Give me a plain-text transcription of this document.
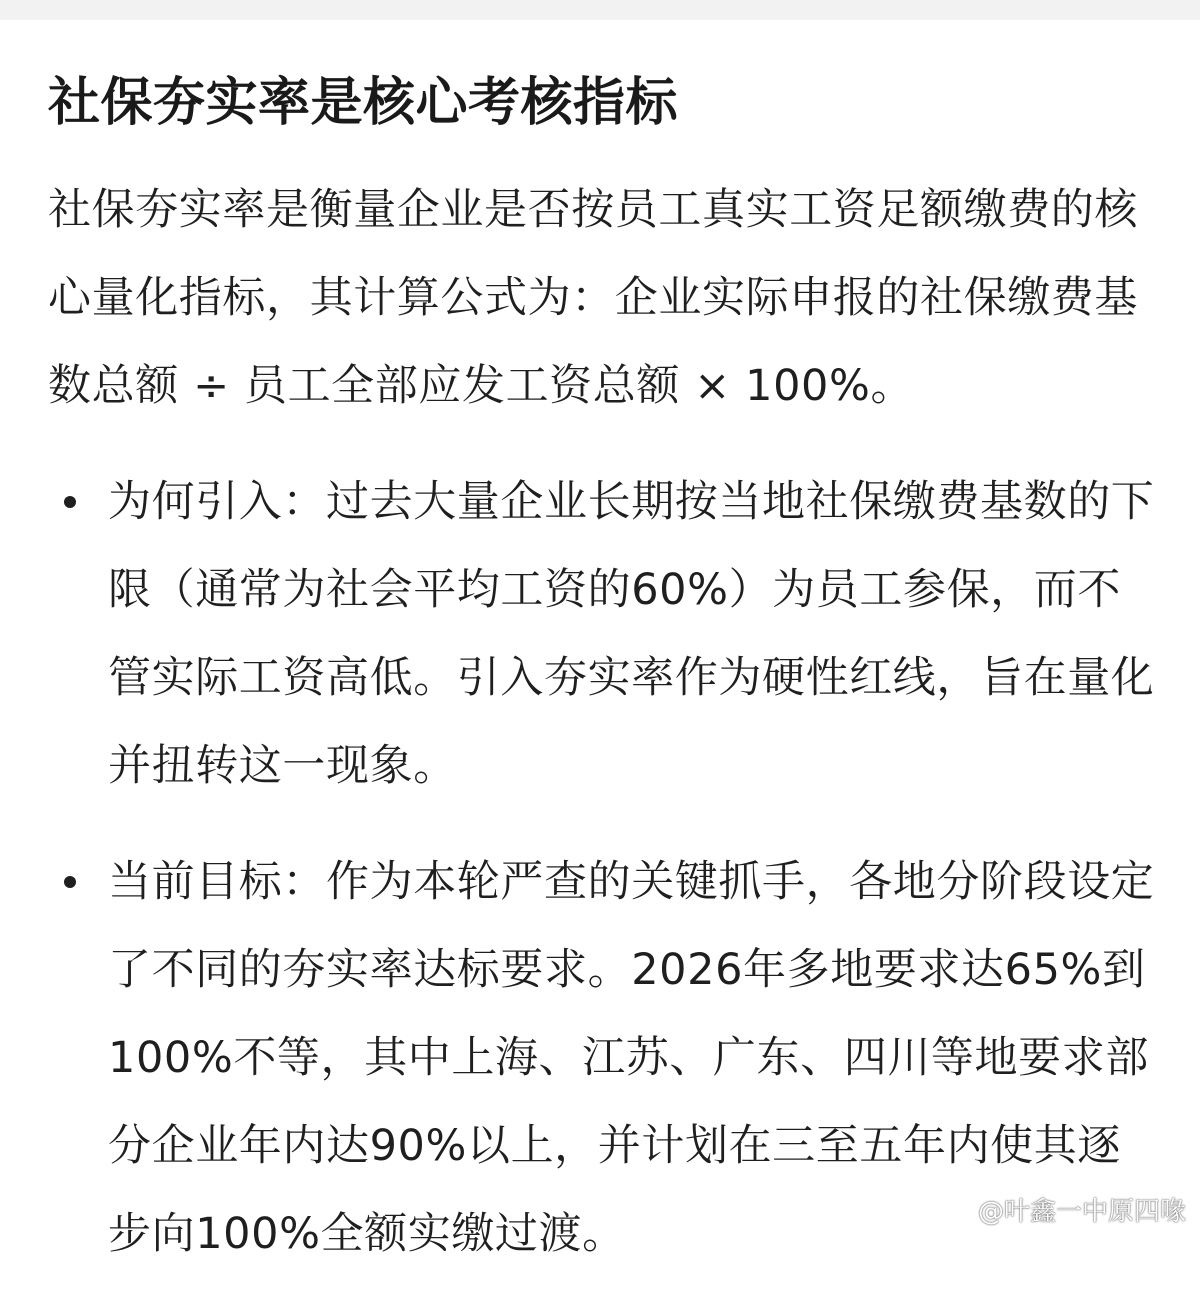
社保夯实率是核心考核指标

社保夯实率是衡量企业是否按员工真实工资足额缴费的核心量化指标，其计算公式为：企业实际申报的社保缴费基数总额 ÷ 员工全部应发工资总额 × 100%。

为何引入：过去大量企业长期按当地社保缴费基数的下限（通常为社会平均工资的60%）为员工参保，而不管实际工资高低。引入夯实率作为硬性红线，旨在量化并扭转这一现象。
当前目标：作为本轮严查的关键抓手，各地分阶段设定了不同的夯实率达标要求。2026年多地要求达65%到100%不等，其中上海、江苏、广东、四川等地要求部分企业年内达90%以上，并计划在三至五年内使其逐步向100%全额实缴过渡。	@叶鑫一中原四喙
